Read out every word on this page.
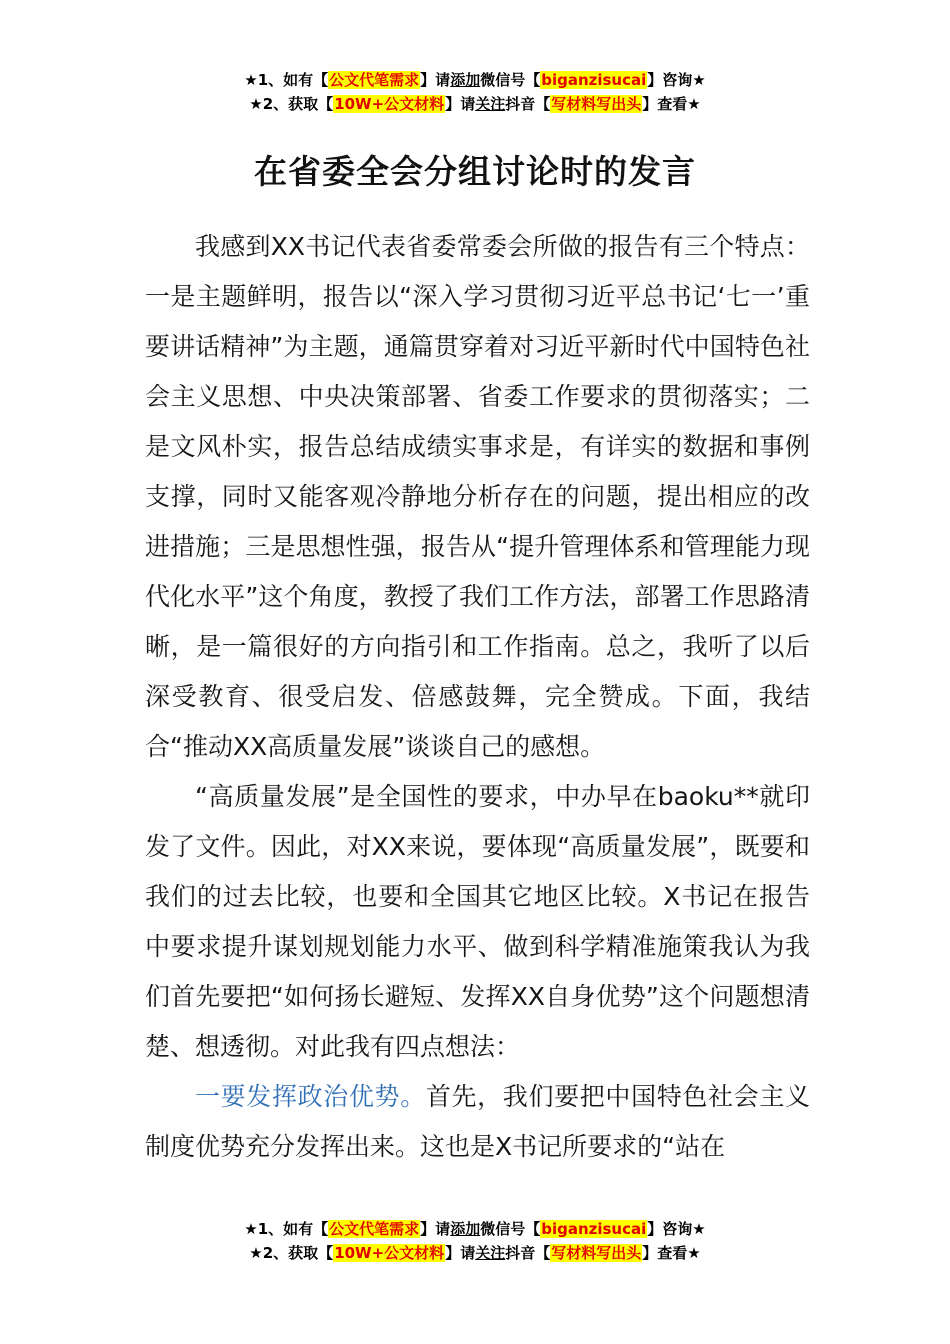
★1、如有【公文代笔需求】请添加微信号【biganzisucai】咨询★
★2、获取【10W+公文材料】请关注抖音【写材料写出头】查看★
在省委全会分组讨论时的发言

我感到XX书记代表省委常委会所做的报告有三个特点：一是主题鲜明，报告以“深入学习贯彻习近平总书记‘七一’重要讲话精神”为主题，通篇贯穿着对习近平新时代中国特色社会主义思想、中央决策部署、省委工作要求的贯彻落实；二是文风朴实，报告总结成绩实事求是，有详实的数据和事例支撑，同时又能客观冷静地分析存在的问题，提出相应的改进措施；三是思想性强，报告从“提升管理体系和管理能力现代化水平”这个角度，教授了我们工作方法，部署工作思路清晰，是一篇很好的方向指引和工作指南。总之，我听了以后深受教育、很受启发、倍感鼓舞，完全赞成。下面，我结合“推动XX高质量发展”谈谈自己的感想。

“高质量发展”是全国性的要求，中办早在baoku**就印发了文件。因此，对XX来说，要体现“高质量发展”，既要和我们的过去比较，也要和全国其它地区比较。X书记在报告中要求提升谋划规划能力水平、做到科学精准施策我认为我们首先要把“如何扬长避短、发挥XX自身优势”这个问题想清楚、想透彻。对此我有四点想法：

一要发挥政治优势。首先，我们要把中国特色社会主义制度优势充分发挥出来。这也是X书记所要求的“站在

★1、如有【公文代笔需求】请添加微信号【biganzisucai】咨询★
★2、获取【10W+公文材料】请关注抖音【写材料写出头】查看★
